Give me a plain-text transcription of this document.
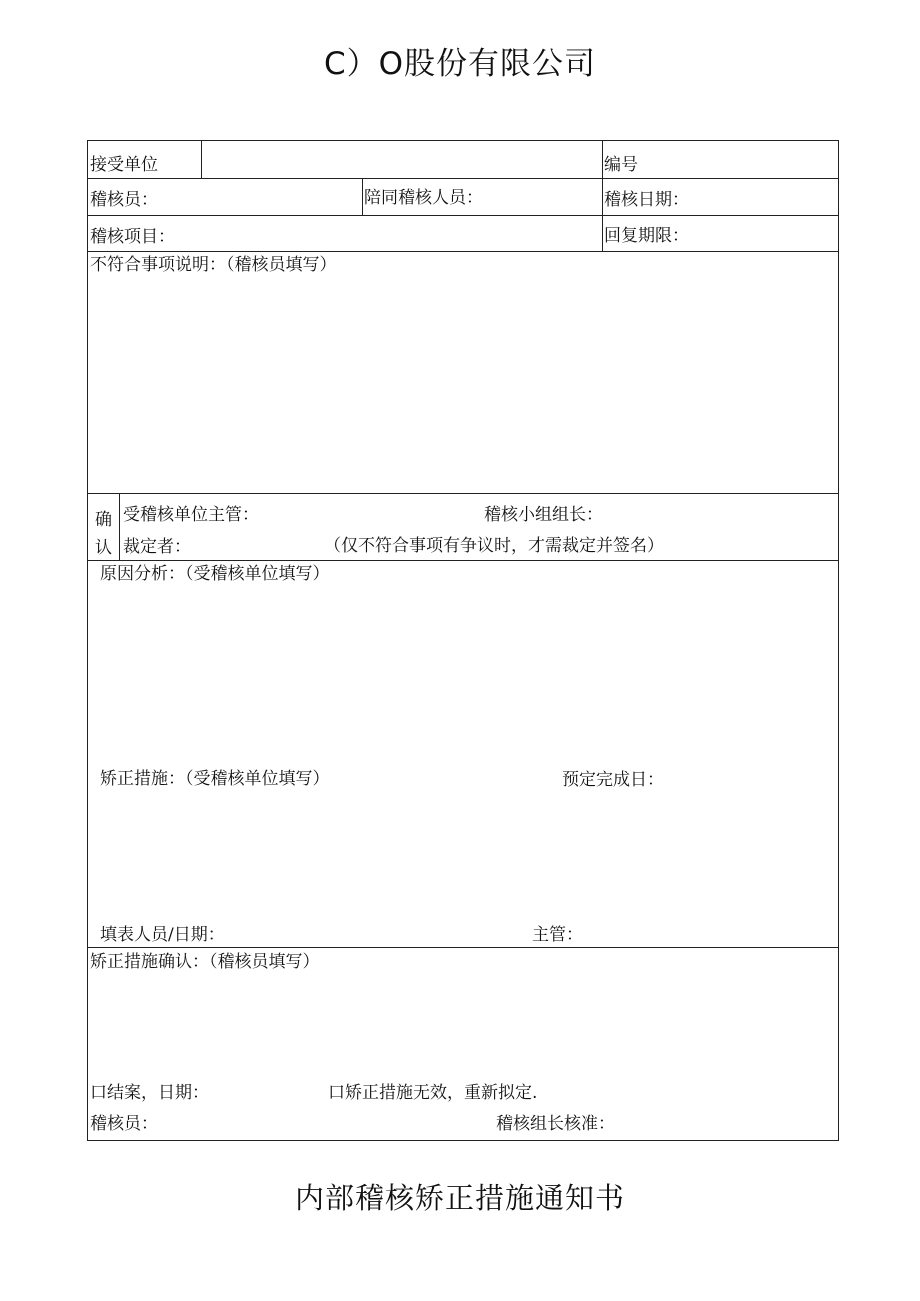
C）O股份有限公司
接受单位	编号
稽核员：	陪同稽核人员：	稽核日期：
稽核项目：	回复期限：
不符合事项说明：（稽核员填写）
确
认
受稽核单位主管：	稽核小组组长：
裁定者：	（仅不符合事项有争议时，才需裁定并签名）
原因分析：（受稽核单位填写）
矫正措施：（受稽核单位填写）	预定完成日：
填表人员/日期：	主管：
矫正措施确认：（稽核员填写）
口结案，日期：	口矫正措施无效，重新拟定.
稽核员：	稽核组长核准：
内部稽核矫正措施通知书
